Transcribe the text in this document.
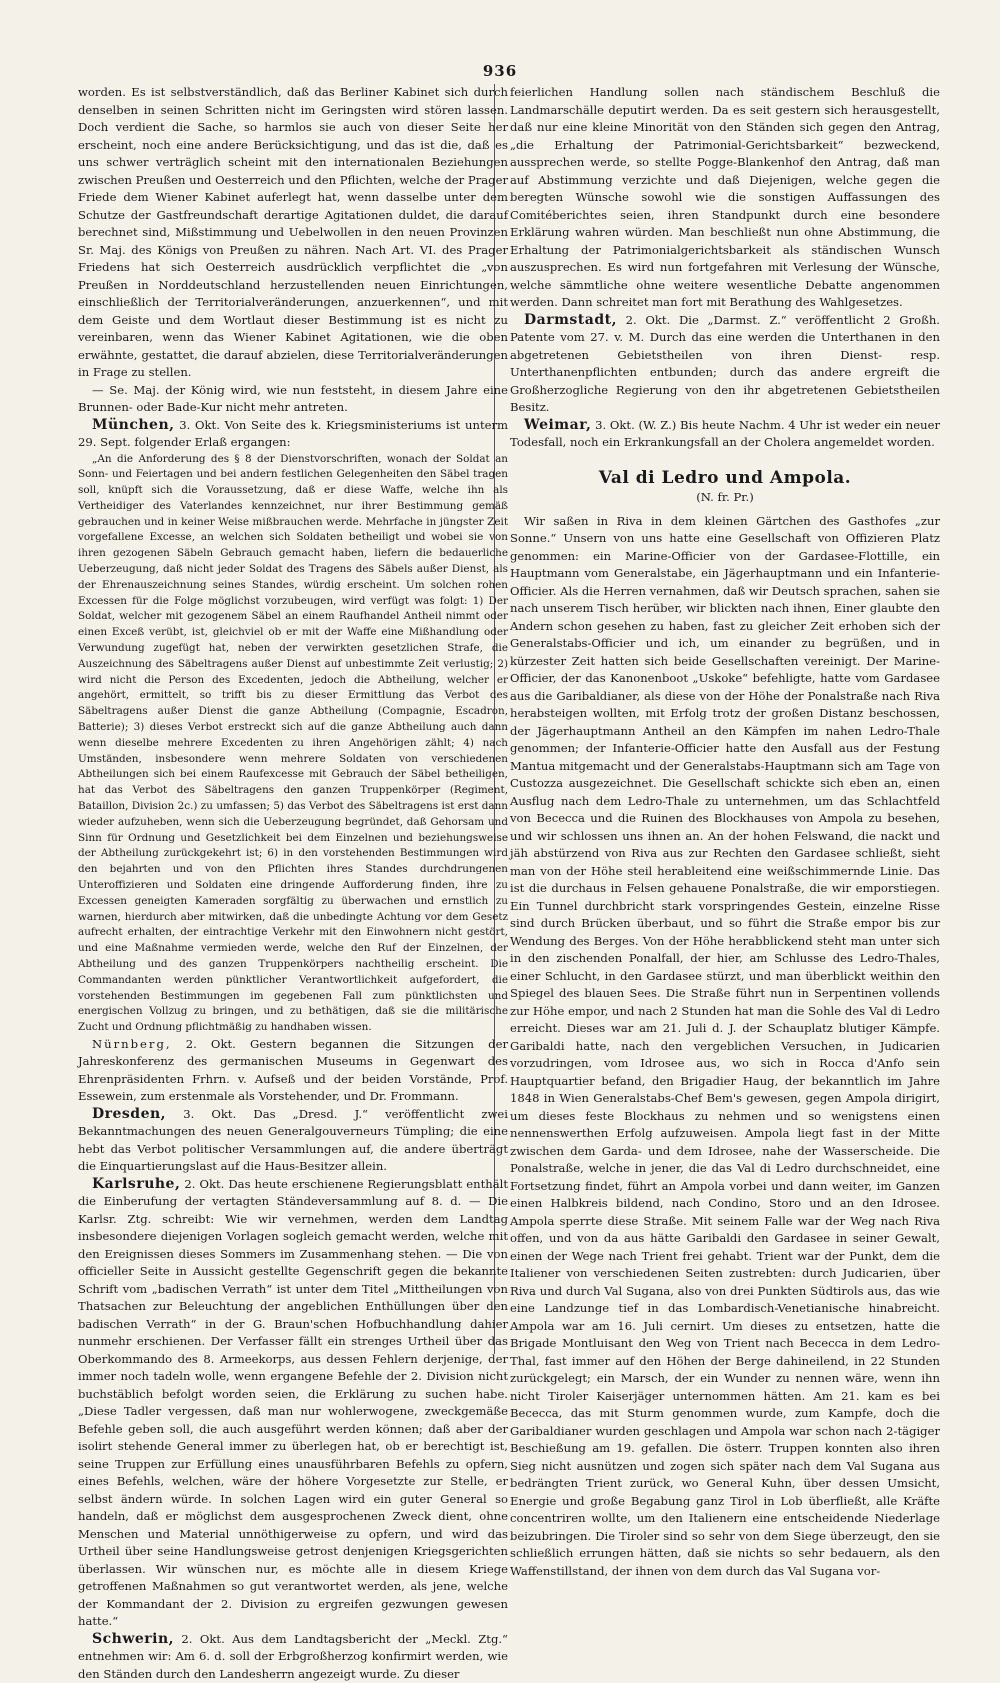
936

worden. Es ist selbstverständlich, daß das Berliner Kabinet sich durch denselben in seinen Schritten nicht im Geringsten wird stören lassen. Doch verdient die Sache, so harmlos sie auch von dieser Seite her erscheint, noch eine andere Berücksichtigung, und das ist die, daß es uns schwer verträglich scheint mit den internationalen Beziehungen zwischen Preußen und Oesterreich und den Pflichten, welche der Prager Friede dem Wiener Kabinet auferlegt hat, wenn dasselbe unter dem Schutze der Gastfreundschaft derartige Agitationen duldet, die darauf berechnet sind, Mißstimmung und Uebelwollen in den neuen Provinzen Sr. Maj. des Königs von Preußen zu nähren. Nach Art. VI. des Prager Friedens hat sich Oesterreich ausdrücklich verpflichtet die „von Preußen in Norddeutschland herzustellenden neuen Einrichtungen, einschließlich der Territorialveränderungen, anzuerkennen“, und mit dem Geiste und dem Wortlaut dieser Bestimmung ist es nicht zu vereinbaren, wenn das Wiener Kabinet Agitationen, wie die oben erwähnte, gestattet, die darauf abzielen, diese Territorialveränderungen in Frage zu stellen.

— Se. Maj. der König wird, wie nun feststeht, in diesem Jahre eine Brunnen- oder Bade-Kur nicht mehr antreten.

München, 3. Okt. Von Seite des k. Kriegsministeriums ist unterm 29. Sept. folgender Erlaß ergangen:

„An die Anforderung des § 8 der Dienstvorschriften, wonach der Soldat an Sonn- und Feiertagen und bei andern festlichen Gelegenheiten den Säbel tragen soll, knüpft sich die Voraussetzung, daß er diese Waffe, welche ihn als Vertheidiger des Vaterlandes kennzeichnet, nur ihrer Bestimmung gemäß gebrauchen und in keiner Weise mißbrauchen werde. Mehrfache in jüngster Zeit vorgefallene Excesse, an welchen sich Soldaten betheiligt und wobei sie von ihren gezogenen Säbeln Gebrauch gemacht haben, liefern die bedauerliche Ueberzeugung, daß nicht jeder Soldat des Tragens des Säbels außer Dienst, als der Ehrenauszeichnung seines Standes, würdig erscheint. Um solchen rohen Excessen für die Folge möglichst vorzubeugen, wird verfügt was folgt: 1) Der Soldat, welcher mit gezogenem Säbel an einem Raufhandel Antheil nimmt oder einen Exceß verübt, ist, gleichviel ob er mit der Waffe eine Mißhandlung oder Verwundung zugefügt hat, neben der verwirkten gesetzlichen Strafe, die Auszeichnung des Säbeltragens außer Dienst auf unbestimmte Zeit verlustig; 2) wird nicht die Person des Excedenten, jedoch die Abtheilung, welcher er angehört, ermittelt, so trifft bis zu dieser Ermittlung das Verbot des Säbeltragens außer Dienst die ganze Abtheilung (Compagnie, Escadron, Batterie); 3) dieses Verbot erstreckt sich auf die ganze Abtheilung auch dann wenn dieselbe mehrere Excedenten zu ihren Angehörigen zählt; 4) nach Umständen, insbesondere wenn mehrere Soldaten von verschiedenen Abtheilungen sich bei einem Raufexcesse mit Gebrauch der Säbel betheiligen, hat das Verbot des Säbeltragens den ganzen Truppenkörper (Regiment, Bataillon, Division 2c.) zu umfassen; 5) das Verbot des Säbeltragens ist erst dann wieder aufzuheben, wenn sich die Ueberzeugung begründet, daß Gehorsam und Sinn für Ordnung und Gesetzlichkeit bei dem Einzelnen und beziehungsweise der Abtheilung zurückgekehrt ist; 6) in den vorstehenden Bestimmungen wird den bejahrten und von den Pflichten ihres Standes durchdrungenen Unteroffizieren und Soldaten eine dringende Aufforderung finden, ihre zu Excessen geneigten Kameraden sorgfältig zu überwachen und ernstlich zu warnen, hierdurch aber mitwirken, daß die unbedingte Achtung vor dem Gesetz aufrecht erhalten, der eintrachtige Verkehr mit den Einwohnern nicht gestört, und eine Maßnahme vermieden werde, welche den Ruf der Einzelnen, der Abtheilung und des ganzen Truppenkörpers nachtheilig erscheint. Die Commandanten werden pünktlicher Verantwortlichkeit aufgefordert, die vorstehenden Bestimmungen im gegebenen Fall zum pünktlichsten und energischen Vollzug zu bringen, und zu bethätigen, daß sie die militärische Zucht und Ordnung pflichtmäßig zu handhaben wissen.

Nürnberg, 2. Okt. Gestern begannen die Sitzungen der Jahreskonferenz des germanischen Museums in Gegenwart des Ehrenpräsidenten Frhrn. v. Aufseß und der beiden Vorstände, Prof. Essewein, zum erstenmale als Vorstehender, und Dr. Frommann.

Dresden, 3. Okt. Das „Dresd. J.“ veröffentlicht zwei Bekanntmachungen des neuen Generalgouverneurs Tümpling; die eine hebt das Verbot politischer Versammlungen auf, die andere überträgt die Einquartierungslast auf die Haus-Besitzer allein.

Karlsruhe, 2. Okt. Das heute erschienene Regierungsblatt enthält die Einberufung der vertagten Ständeversammlung auf 8. d. — Die Karlsr. Ztg. schreibt: Wie wir vernehmen, werden dem Landtag insbesondere diejenigen Vorlagen sogleich gemacht werden, welche mit den Ereignissen dieses Sommers im Zusammenhang stehen. — Die von officieller Seite in Aussicht gestellte Gegenschrift gegen die bekannte Schrift vom „badischen Verrath“ ist unter dem Titel „Mittheilungen von Thatsachen zur Beleuchtung der angeblichen Enthüllungen über den badischen Verrath“ in der G. Braun'schen Hofbuchhandlung dahier nunmehr erschienen. Der Verfasser fällt ein strenges Urtheil über das Oberkommando des 8. Armeekorps, aus dessen Fehlern derjenige, der immer noch tadeln wolle, wenn ergangene Befehle der 2. Division nicht buchstäblich befolgt worden seien, die Erklärung zu suchen habe. „Diese Tadler vergessen, daß man nur wohlerwogene, zweckgemäße Befehle geben soll, die auch ausgeführt werden können; daß aber der isolirt stehende General immer zu überlegen hat, ob er berechtigt ist, seine Truppen zur Erfüllung eines unausführbaren Befehls zu opfern, eines Befehls, welchen, wäre der höhere Vorgesetzte zur Stelle, er selbst ändern würde. In solchen Lagen wird ein guter General so handeln, daß er möglichst dem ausgesprochenen Zweck dient, ohne Menschen und Material unnöthigerweise zu opfern, und wird das Urtheil über seine Handlungsweise getrost denjenigen Kriegsgerichten überlassen. Wir wünschen nur, es möchte alle in diesem Kriege getroffenen Maßnahmen so gut verantwortet werden, als jene, welche der Kommandant der 2. Division zu ergreifen gezwungen gewesen hatte.“

Schwerin, 2. Okt. Aus dem Landtagsbericht der „Meckl. Ztg.“ entnehmen wir: Am 6. d. soll der Erbgroßherzog konfirmirt werden, wie den Ständen durch den Landesherrn angezeigt wurde. Zu dieser

feierlichen Handlung sollen nach ständischem Beschluß die Landmarschälle deputirt werden. Da es seit gestern sich herausgestellt, daß nur eine kleine Minorität von den Ständen sich gegen den Antrag, „die Erhaltung der Patrimonial-Gerichtsbarkeit“ bezweckend, aussprechen werde, so stellte Pogge-Blankenhof den Antrag, daß man auf Abstimmung verzichte und daß Diejenigen, welche gegen die beregten Wünsche sowohl wie die sonstigen Auffassungen des Comitéberichtes seien, ihren Standpunkt durch eine besondere Erklärung wahren würden. Man beschließt nun ohne Abstimmung, die Erhaltung der Patrimonialgerichtsbarkeit als ständischen Wunsch auszusprechen. Es wird nun fortgefahren mit Verlesung der Wünsche, welche sämmtliche ohne weitere wesentliche Debatte angenommen werden. Dann schreitet man fort mit Berathung des Wahlgesetzes.

Darmstadt, 2. Okt. Die „Darmst. Z.“ veröffentlicht 2 Großh. Patente vom 27. v. M. Durch das eine werden die Unterthanen in den abgetretenen Gebietstheilen von ihren Dienst- resp. Unterthanenpflichten entbunden; durch das andere ergreift die Großherzogliche Regierung von den ihr abgetretenen Gebietstheilen Besitz.

Weimar, 3. Okt. (W. Z.) Bis heute Nachm. 4 Uhr ist weder ein neuer Todesfall, noch ein Erkrankungsfall an der Cholera angemeldet worden.

Val di Ledro und Ampola.
(N. fr. Pr.)

Wir saßen in Riva in dem kleinen Gärtchen des Gasthofes „zur Sonne.“ Unsern von uns hatte eine Gesellschaft von Offizieren Platz genommen: ein Marine-Officier von der Gardasee-Flottille, ein Hauptmann vom Generalstabe, ein Jägerhauptmann und ein Infanterie-Officier. Als die Herren vernahmen, daß wir Deutsch sprachen, sahen sie nach unserem Tisch herüber, wir blickten nach ihnen, Einer glaubte den Andern schon gesehen zu haben, fast zu gleicher Zeit erhoben sich der Generalstabs-Officier und ich, um einander zu begrüßen, und in kürzester Zeit hatten sich beide Gesellschaften vereinigt. Der Marine-Officier, der das Kanonenboot „Uskoke“ befehligte, hatte vom Gardasee aus die Garibaldianer, als diese von der Höhe der Ponalstraße nach Riva herabsteigen wollten, mit Erfolg trotz der großen Distanz beschossen, der Jägerhauptmann Antheil an den Kämpfen im nahen Ledro-Thale genommen; der Infanterie-Officier hatte den Ausfall aus der Festung Mantua mitgemacht und der Generalstabs-Hauptmann sich am Tage von Custozza ausgezeichnet. Die Gesellschaft schickte sich eben an, einen Ausflug nach dem Ledro-Thale zu unternehmen, um das Schlachtfeld von Bececca und die Ruinen des Blockhauses von Ampola zu besehen, und wir schlossen uns ihnen an. An der hohen Felswand, die nackt und jäh abstürzend von Riva aus zur Rechten den Gardasee schließt, sieht man von der Höhe steil herableitend eine weißschimmernde Linie. Das ist die durchaus in Felsen gehauene Ponalstraße, die wir emporstiegen. Ein Tunnel durchbricht stark vorspringendes Gestein, einzelne Risse sind durch Brücken überbaut, und so führt die Straße empor bis zur Wendung des Berges. Von der Höhe herabblickend steht man unter sich in den zischenden Ponalfall, der hier, am Schlusse des Ledro-Thales, einer Schlucht, in den Gardasee stürzt, und man überblickt weithin den Spiegel des blauen Sees. Die Straße führt nun in Serpentinen vollends zur Höhe empor, und nach 2 Stunden hat man die Sohle des Val di Ledro erreicht. Dieses war am 21. Juli d. J. der Schauplatz blutiger Kämpfe. Garibaldi hatte, nach den vergeblichen Versuchen, in Judicarien vorzudringen, vom Idrosee aus, wo sich in Rocca d'Anfo sein Hauptquartier befand, den Brigadier Haug, der bekanntlich im Jahre 1848 in Wien Generalstabs-Chef Bem's gewesen, gegen Ampola dirigirt, um dieses feste Blockhaus zu nehmen und so wenigstens einen nennenswerthen Erfolg aufzuweisen. Ampola liegt fast in der Mitte zwischen dem Garda- und dem Idrosee, nahe der Wasserscheide. Die Ponalstraße, welche in jener, die das Val di Ledro durchschneidet, eine Fortsetzung findet, führt an Ampola vorbei und dann weiter, im Ganzen einen Halbkreis bildend, nach Condino, Storo und an den Idrosee. Ampola sperrte diese Straße. Mit seinem Falle war der Weg nach Riva offen, und von da aus hätte Garibaldi den Gardasee in seiner Gewalt, einen der Wege nach Trient frei gehabt. Trient war der Punkt, dem die Italiener von verschiedenen Seiten zustrebten: durch Judicarien, über Riva und durch Val Sugana, also von drei Punkten Südtirols aus, das wie eine Landzunge tief in das Lombardisch-Venetianische hinabreicht. Ampola war am 16. Juli cernirt. Um dieses zu entsetzen, hatte die Brigade Montluisant den Weg von Trient nach Bececca in dem Ledro-Thal, fast immer auf den Höhen der Berge dahineilend, in 22 Stunden zurückgelegt; ein Marsch, der ein Wunder zu nennen wäre, wenn ihn nicht Tiroler Kaiserjäger unternommen hätten. Am 21. kam es bei Bececca, das mit Sturm genommen wurde, zum Kampfe, doch die Garibaldianer wurden geschlagen und Ampola war schon nach 2-tägiger Beschießung am 19. gefallen. Die österr. Truppen konnten also ihren Sieg nicht ausnützen und zogen sich später nach dem Val Sugana aus bedrängten Trient zurück, wo General Kuhn, über dessen Umsicht, Energie und große Begabung ganz Tirol in Lob überfließt, alle Kräfte concentriren wollte, um den Italienern eine entscheidende Niederlage beizubringen. Die Tiroler sind so sehr von dem Siege überzeugt, den sie schließlich errungen hätten, daß sie nichts so sehr bedauern, als den Waffenstillstand, der ihnen von dem durch das Val Sugana vor-
